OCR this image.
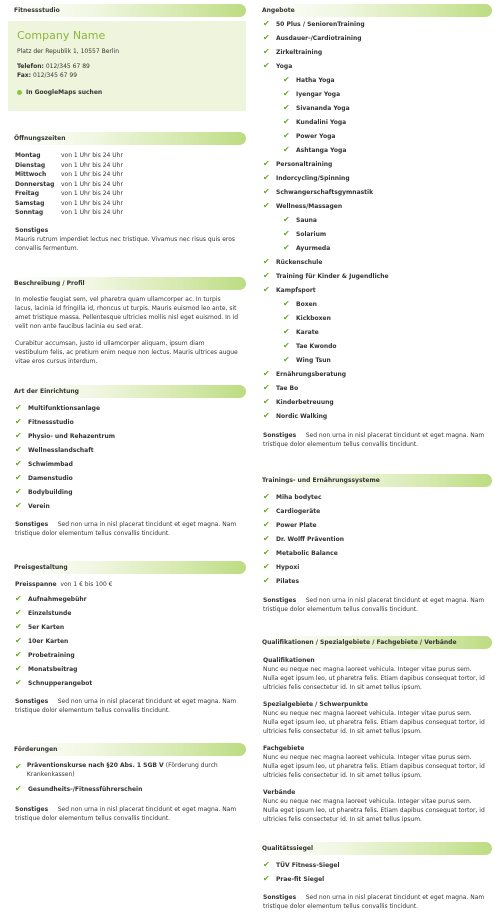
Fitnessstudio
Company Name
Platz der Republik 1, 10557 Berlin
Telefon: 012/345 67 89
Fax: 012/345 67 99
In GoogleMaps suchen
Öffnungszeiten
Montag	von 1 Uhr bis 24 Uhr
Dienstag	von 1 Uhr bis 24 Uhr
Mittwoch	von 1 Uhr bis 24 Uhr
Donnerstag	von 1 Uhr bis 24 Uhr
Freitag	von 1 Uhr bis 24 Uhr
Samstag	von 1 Uhr bis 24 Uhr
Sonntag	von 1 Uhr bis 24 Uhr
Sonstiges
Mauris rutrum imperdiet lectus nec tristique. Vivamus nec risus quis eros convallis fermentum.
Beschreibung / Profil

In molestie feugiat sem, vel pharetra quam ullamcorper ac. In turpis lacus, lacinia id fringilla id, rhoncus ut turpis. Mauris euismod leo ante, sit amet tristique massa. Pellentesque ultricies mollis nisl eget euismod. In id velit non ante faucibus lacinia eu sed erat.

Curabitur accumsan, justo id ullamcorper aliquam, ipsum diam vestibulum felis, ac pretium enim neque non lectus. Mauris ultrices augue vitae eros cursus interdum.

Art der Einrichtung
✔	Multifunktionsanlage
✔	Fitnessstudio
✔	Physio- und Rehazentrum
✔	Wellnesslandschaft
✔	Schwimmbad
✔	Damenstudio
✔	Bodybuilding
✔	Verein
Sonstiges Sed non urna in nisl placerat tincidunt et eget magna. Nam tristique dolor elementum tellus convallis tincidunt.
Preisgestaltung
Preisspanne von 1 € bis 100 €
✔	Aufnahmegebühr
✔	Einzelstunde
✔	5er Karten
✔	10er Karten
✔	Probetraining
✔	Monatsbeitrag
✔	Schnupperangebot
Sonstiges Sed non urna in nisl placerat tincidunt et eget magna. Nam tristique dolor elementum tellus convallis tincidunt.
Förderungen
✔ Präventionskurse nach §20 Abs. 1 SGB V (Förderung durch Krankenkassen)
✔	Gesundheits-/Fitnessführerschein
Sonstiges Sed non urna in nisl placerat tincidunt et eget magna. Nam tristique dolor elementum tellus convallis tincidunt.
Angebote
✔	50 Plus / SeniorenTraining
✔	Ausdauer-/Cardiotraining
✔	Zirkeltraining
✔	Yoga
✔	Hatha Yoga
✔	Iyengar Yoga
✔	Sivananda Yoga
✔	Kundalini Yoga
✔	Power Yoga
✔	Ashtanga Yoga
✔	Personaltraining
✔	Indorcycling/Spinning
✔	Schwangerschaftsgymnastik
✔	Wellness/Massagen
✔	Sauna
✔	Solarium
✔	Ayurmeda
✔	Rückenschule
✔	Training für Kinder & Jugendliche
✔	Kampfsport
✔	Boxen
✔	Kickboxen
✔	Karate
✔	Tae Kwondo
✔	Wing Tsun
✔	Ernährungsberatung
✔	Tae Bo
✔	Kinderbetreuung
✔	Nordic Walking
Sonstiges Sed non urna in nisl placerat tincidunt et eget magna. Nam tristique dolor elementum tellus convallis tincidunt.
Trainings- und Ernährungssysteme
✔	Miha bodytec
✔	Cardiogeräte
✔	Power Plate
✔	Dr. Wolff Prävention
✔	Metabolic Balance
✔	Hypoxi
✔	Pilates
Sonstiges Sed non urna in nisl placerat tincidunt et eget magna. Nam tristique dolor elementum tellus convallis tincidunt.
Qualifikationen / Spezialgebiete / Fachgebiete / Verbände
Qualifikationen
Nunc eu neque nec magna laoreet vehicula. Integer vitae purus sem. Nulla eget ipsum leo, ut pharetra felis. Etiam dapibus consequat tortor, id ultricies felis consectetur id. In sit amet tellus ipsum.
Spezialgebiete / Schwerpunkte
Nunc eu neque nec magna laoreet vehicula. Integer vitae purus sem. Nulla eget ipsum leo, ut pharetra felis. Etiam dapibus consequat tortor, id ultricies felis consectetur id. In sit amet tellus ipsum.
Fachgebiete
Nunc eu neque nec magna laoreet vehicula. Integer vitae purus sem. Nulla eget ipsum leo, ut pharetra felis. Etiam dapibus consequat tortor, id ultricies felis consectetur id. In sit amet tellus ipsum.
Verbände
Nunc eu neque nec magna laoreet vehicula. Integer vitae purus sem. Nulla eget ipsum leo, ut pharetra felis. Etiam dapibus consequat tortor, id ultricies felis consectetur id. In sit amet tellus ipsum.
Qualitätssiegel
✔	TÜV Fitness-Siegel
✔	Prae-fit Siegel
Sonstiges Sed non urna in nisl placerat tincidunt et eget magna. Nam tristique dolor elementum tellus convallis tincidunt.
